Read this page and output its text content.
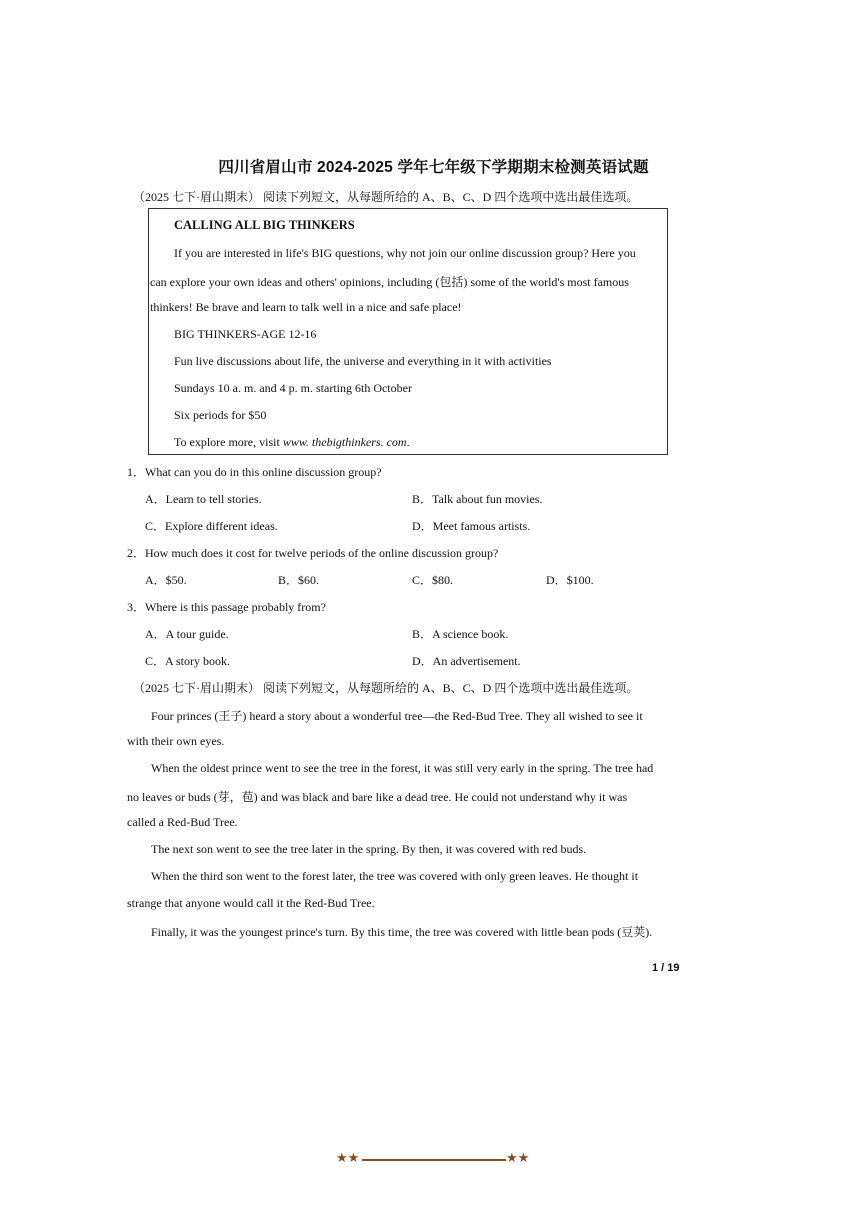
四川省眉山市 2024-2025 学年七年级下学期期末检测英语试题
（2025 七下·眉山期末） 阅读下列短文，从每题所给的 A、B、C、D 四个选项中选出最佳选项。
CALLING ALL BIG THINKERS
If you are interested in life's BIG questions, why not join our online discussion group? Here you
can explore your own ideas and others' opinions, including (包括) some of the world's most famous
thinkers! Be brave and learn to talk well in a nice and safe place!
BIG THINKERS-AGE 12-16
Fun live discussions about life, the universe and everything in it with activities
Sundays 10 a. m. and 4 p. m. starting 6th October
Six periods for $50
To explore more, visit www. thebigthinkers. com.
1．What can you do in this online discussion group?
A．Learn to tell stories.	B．Talk about fun movies.
C．Explore different ideas.	D．Meet famous artists.
2．How much does it cost for twelve periods of the online discussion group?
A．$50.	B．$60.	C．$80.	D．$100.
3．Where is this passage probably from?
A．A tour guide.	B．A science book.
C．A story book.	D．An advertisement.
（2025 七下·眉山期末） 阅读下列短文，从每题所给的 A、B、C、D 四个选项中选出最佳选项。
Four princes (王子) heard a story about a wonderful tree—the Red-Bud Tree. They all wished to see it
with their own eyes.
When the oldest prince went to see the tree in the forest, it was still very early in the spring. The tree had
no leaves or buds (芽，苞) and was black and bare like a dead tree. He could not understand why it was
called a Red-Bud Tree.
The next son went to see the tree later in the spring. By then, it was covered with red buds.
When the third son went to the forest later, the tree was covered with only green leaves. He thought it
strange that anyone would call it the Red-Bud Tree.
Finally, it was the youngest prince's turn. By this time, the tree was covered with little bean pods (豆荚).
1 / 19
★★	★★
